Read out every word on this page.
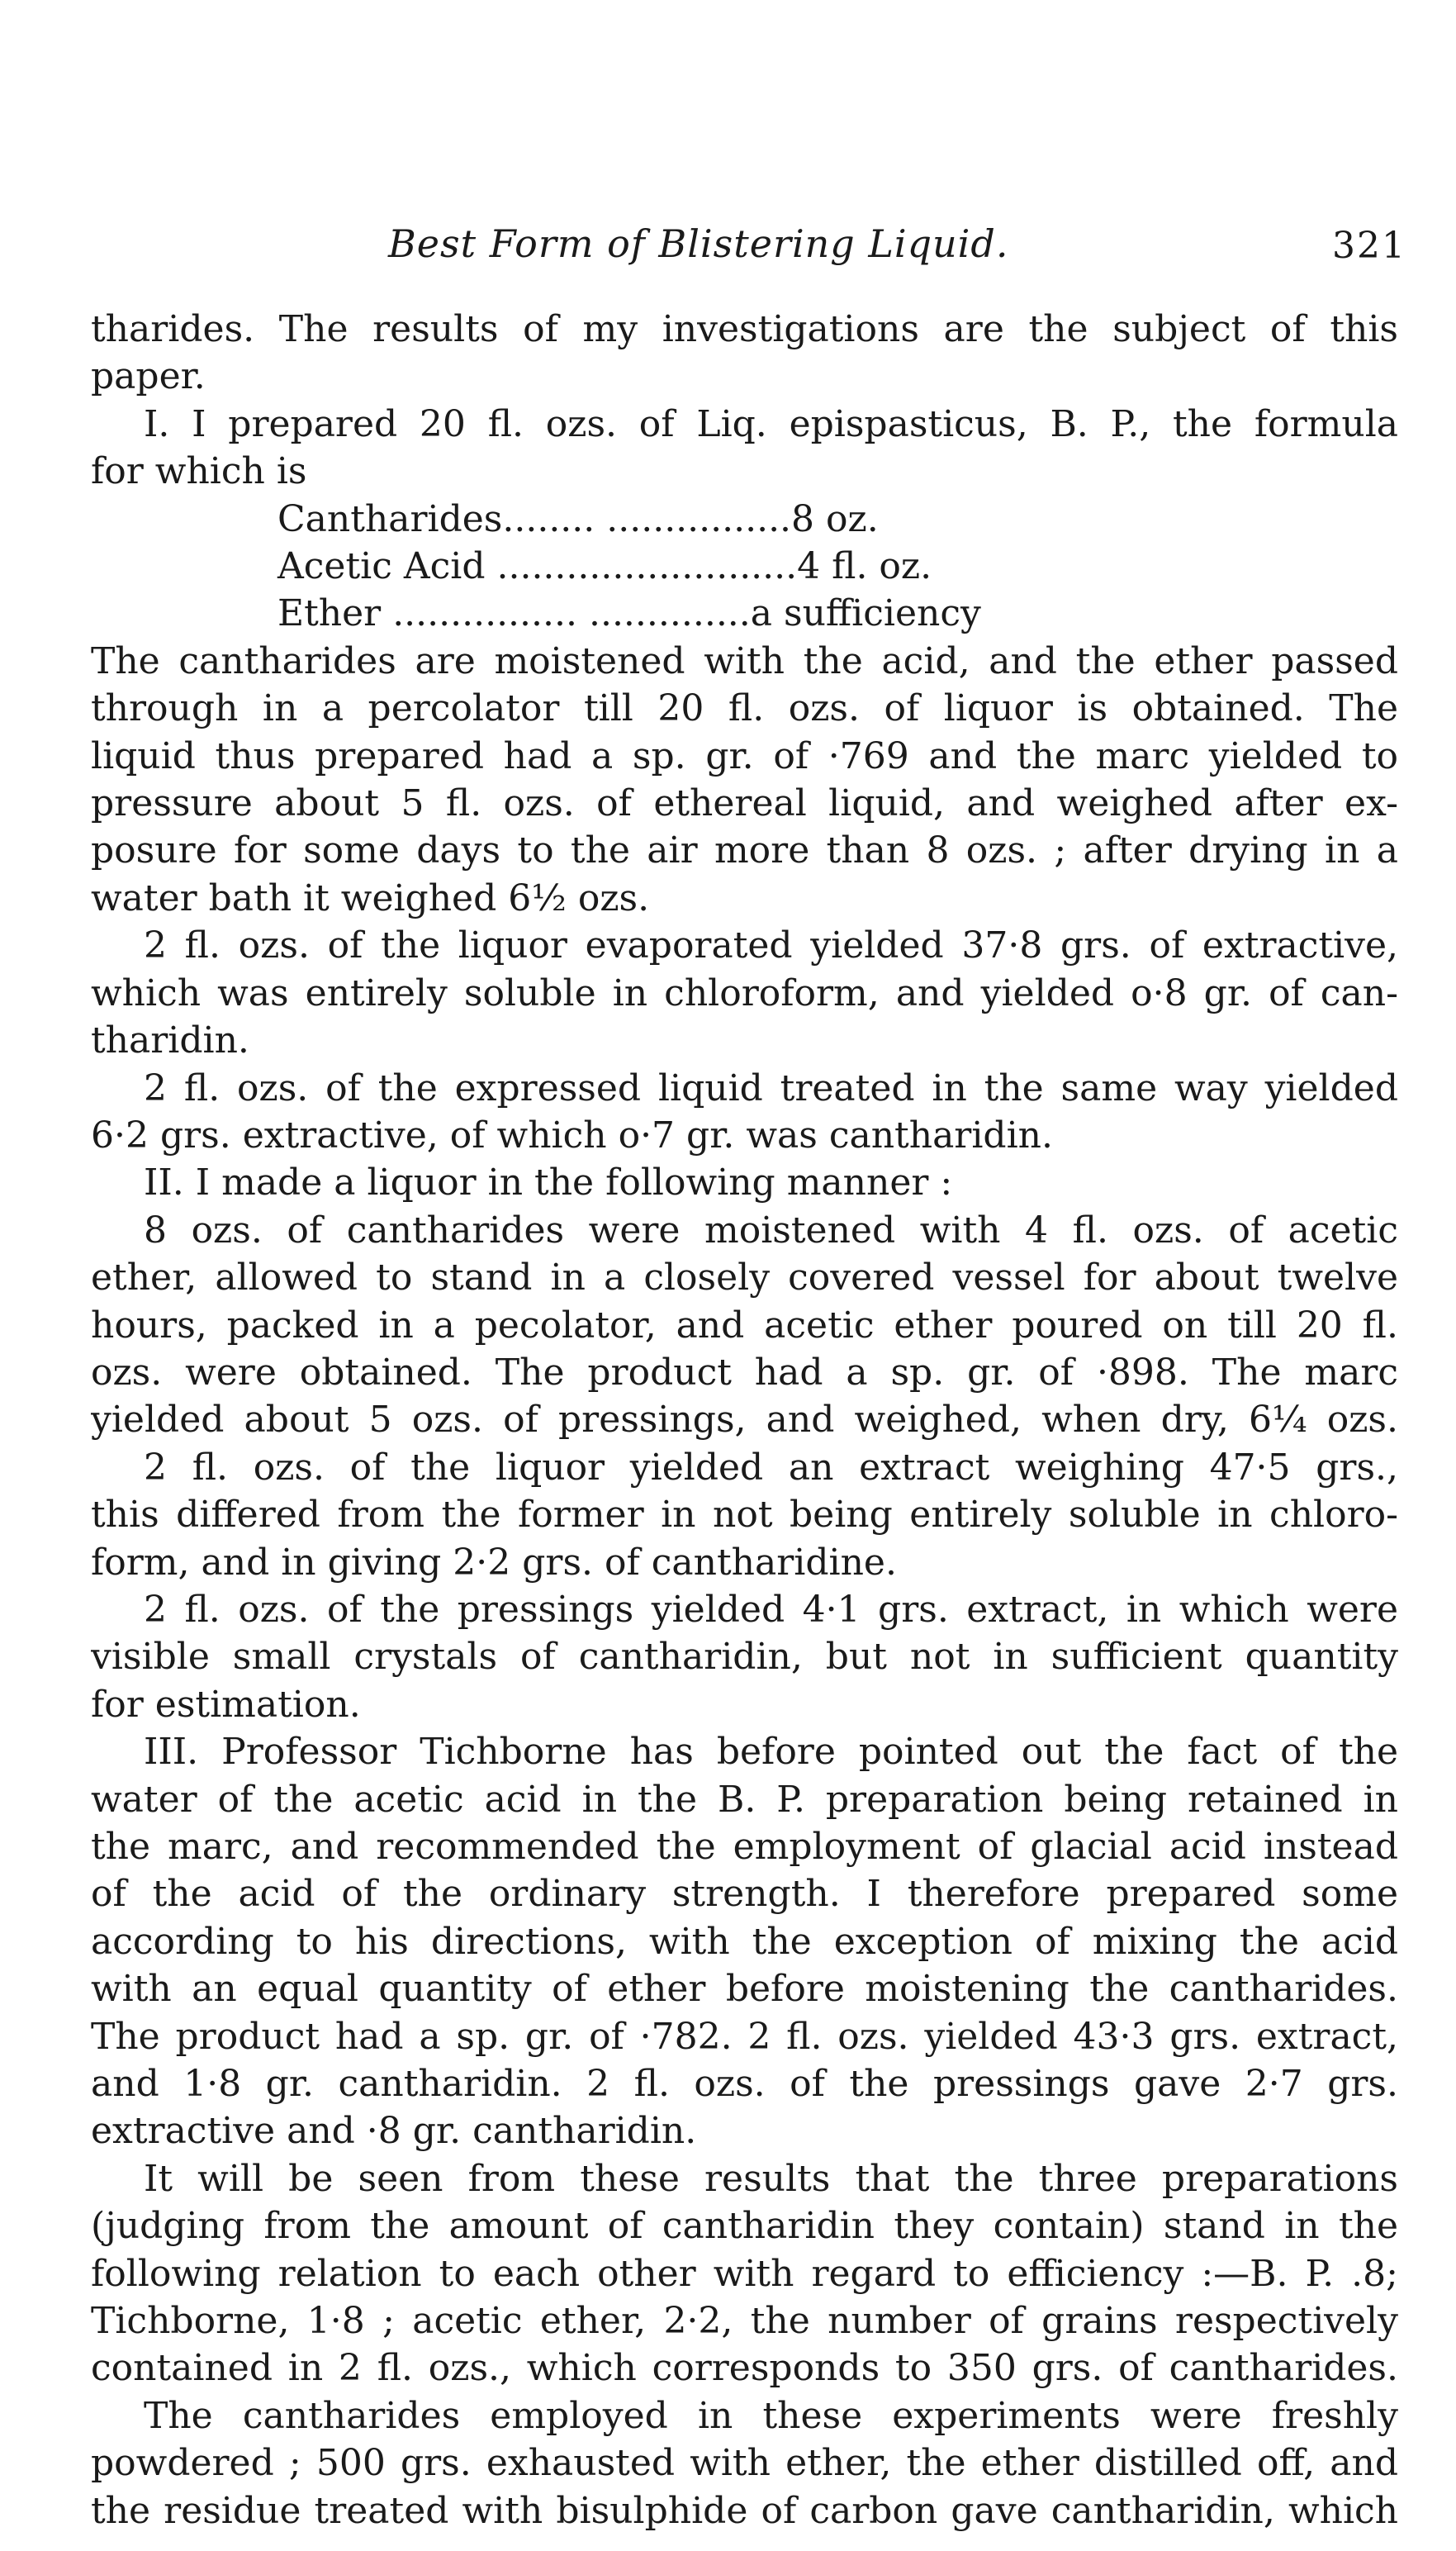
Best Form of Blistering Liquid.	321
tharides. The results of my investigations are the subject of this
paper.
I. I prepared 20 fl. ozs. of Liq. epispasticus, B. P., the formula
for which is
Cantharides........ ................8 oz.
Acetic Acid ..........................4 fl. oz.
Ether ................ ..............a sufficiency
The cantharides are moistened with the acid, and the ether passed
through in a percolator till 20 fl. ozs. of liquor is obtained. The
liquid thus prepared had a sp. gr. of ·769 and the marc yielded to
pressure about 5 fl. ozs. of ethereal liquid, and weighed after ex-
posure for some days to the air more than 8 ozs. ; after drying in a
water bath it weighed 6½ ozs.
2 fl. ozs. of the liquor evaporated yielded 37·8 grs. of extractive,
which was entirely soluble in chloroform, and yielded o·8 gr. of can-
tharidin.
2 fl. ozs. of the expressed liquid treated in the same way yielded
6·2 grs. extractive, of which o·7 gr. was cantharidin.
II. I made a liquor in the following manner :
8 ozs. of cantharides were moistened with 4 fl. ozs. of acetic
ether, allowed to stand in a closely covered vessel for about twelve
hours, packed in a pecolator, and acetic ether poured on till 20 fl.
ozs. were obtained. The product had a sp. gr. of ·898. The marc
yielded about 5 ozs. of pressings, and weighed, when dry, 6¼ ozs.
2 fl. ozs. of the liquor yielded an extract weighing 47·5 grs.,
this differed from the former in not being entirely soluble in chloro-
form, and in giving 2·2 grs. of cantharidine.
2 fl. ozs. of the pressings yielded 4·1 grs. extract, in which were
visible small crystals of cantharidin, but not in sufficient quantity
for estimation.
III. Professor Tichborne has before pointed out the fact of the
water of the acetic acid in the B. P. preparation being retained in
the marc, and recommended the employment of glacial acid instead
of the acid of the ordinary strength. I therefore prepared some
according to his directions, with the exception of mixing the acid
with an equal quantity of ether before moistening the cantharides.
The product had a sp. gr. of ·782. 2 fl. ozs. yielded 43·3 grs. extract,
and 1·8 gr. cantharidin. 2 fl. ozs. of the pressings gave 2·7 grs.
extractive and ·8 gr. cantharidin.
It will be seen from these results that the three preparations
(judging from the amount of cantharidin they contain) stand in the
following relation to each other with regard to efficiency :—B. P. .8;
Tichborne, 1·8 ; acetic ether, 2·2, the number of grains respectively
contained in 2 fl. ozs., which corresponds to 350 grs. of cantharides.
The cantharides employed in these experiments were freshly
powdered ; 500 grs. exhausted with ether, the ether distilled off, and
the residue treated with bisulphide of carbon gave cantharidin, which
